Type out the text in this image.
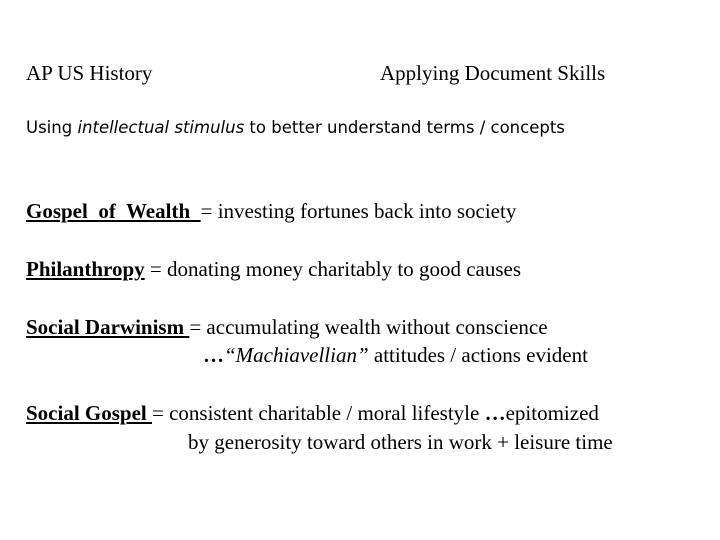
AP US History	Applying Document Skills
Using intellectual stimulus to better understand terms / concepts
Gospel  of  Wealth  = investing fortunes back into society
Philanthropy = donating money charitably to good causes
Social Darwinism = accumulating wealth without conscience
…“Machiavellian” attitudes / actions evident
Social Gospel = consistent charitable / moral lifestyle …epitomized
by generosity toward others in work + leisure time
